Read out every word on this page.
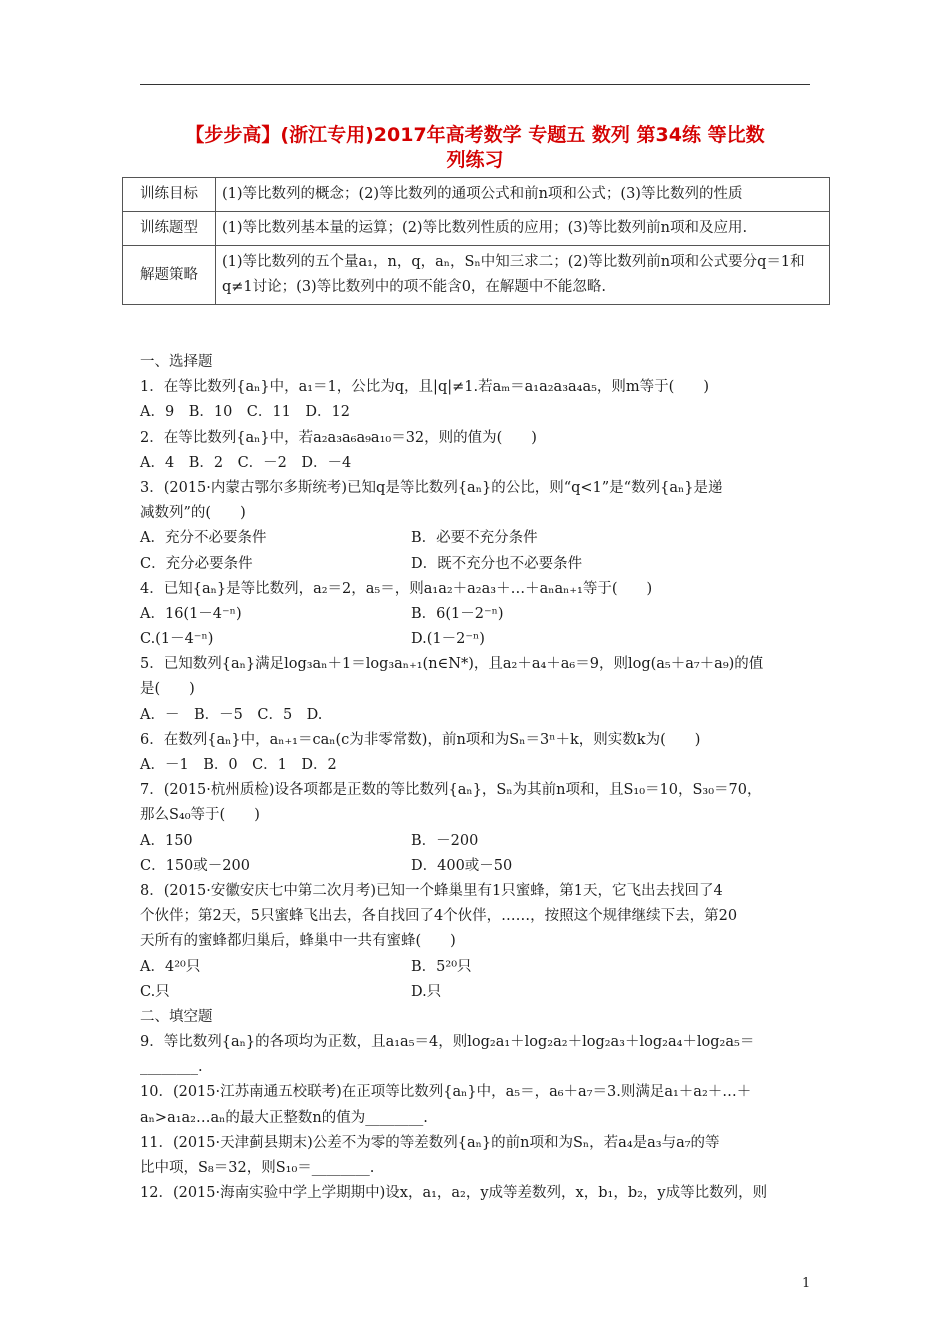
【步步高】(浙江专用)2017年高考数学 专题五 数列 第34练 等比数
列练习
训练目标	(1)等比数列的概念；(2)等比数列的通项公式和前n项和公式；(3)等比数列的性质
训练题型	(1)等比数列基本量的运算；(2)等比数列性质的应用；(3)等比数列前n项和及应用.
解题策略	(1)等比数列的五个量a₁，n，q，aₙ，Sₙ中知三求二；(2)等比数列前n项和公式要分q＝1和q≠1讨论；(3)等比数列中的项不能含0，在解题中不能忽略.
一、选择题
1．在等比数列{aₙ}中，a₁＝1，公比为q，且|q|≠1.若aₘ＝a₁a₂a₃a₄a₅，则m等于(　　)
A．9　B．10　C．11　D．12
2．在等比数列{aₙ}中，若a₂a₃a₆a₉a₁₀＝32，则的值为(　　)
A．4　B．2　C．－2　D．－4
3．(2015·内蒙古鄂尔多斯统考)已知q是等比数列{aₙ}的公比，则“q<1”是“数列{aₙ}是递
减数列”的(　　)
A．充分不必要条件	B．必要不充分条件
C．充分必要条件	D．既不充分也不必要条件
4．已知{aₙ}是等比数列，a₂＝2，a₅＝，则a₁a₂＋a₂a₃＋…＋aₙaₙ₊₁等于(　　)
A．16(1－4⁻ⁿ)	B．6(1－2⁻ⁿ)
C.(1－4⁻ⁿ)	D.(1－2⁻ⁿ)
5．已知数列{aₙ}满足log₃aₙ＋1＝log₃aₙ₊₁(n∈N*)，且a₂＋a₄＋a₆＝9，则log(a₅＋a₇＋a₉)的值
是(　　)
A．－　B．－5　C．5　D.
6．在数列{aₙ}中，aₙ₊₁＝caₙ(c为非零常数)，前n项和为Sₙ＝3ⁿ＋k，则实数k为(　　)
A．－1　B．0　C．1　D．2
7．(2015·杭州质检)设各项都是正数的等比数列{aₙ}，Sₙ为其前n项和，且S₁₀＝10，S₃₀＝70，
那么S₄₀等于(　　)
A．150	B．－200
C．150或－200	D．400或－50
8．(2015·安徽安庆七中第二次月考)已知一个蜂巢里有1只蜜蜂，第1天，它飞出去找回了4
个伙伴；第2天，5只蜜蜂飞出去，各自找回了4个伙伴，……，按照这个规律继续下去，第20
天所有的蜜蜂都归巢后，蜂巢中一共有蜜蜂(　　)
A．4²⁰只	B．5²⁰只
C.只	D.只
二、填空题
9．等比数列{aₙ}的各项均为正数，且a₁a₅＝4，则log₂a₁＋log₂a₂＋log₂a₃＋log₂a₄＋log₂a₅＝
________.
10．(2015·江苏南通五校联考)在正项等比数列{aₙ}中，a₅＝，a₆＋a₇＝3.则满足a₁＋a₂＋…＋
aₙ>a₁a₂…aₙ的最大正整数n的值为________.
11．(2015·天津蓟县期末)公差不为零的等差数列{aₙ}的前n项和为Sₙ，若a₄是a₃与a₇的等
比中项，S₈＝32，则S₁₀＝________.
12．(2015·海南实验中学上学期期中)设x，a₁，a₂，y成等差数列，x，b₁，b₂，y成等比数列，则
1
